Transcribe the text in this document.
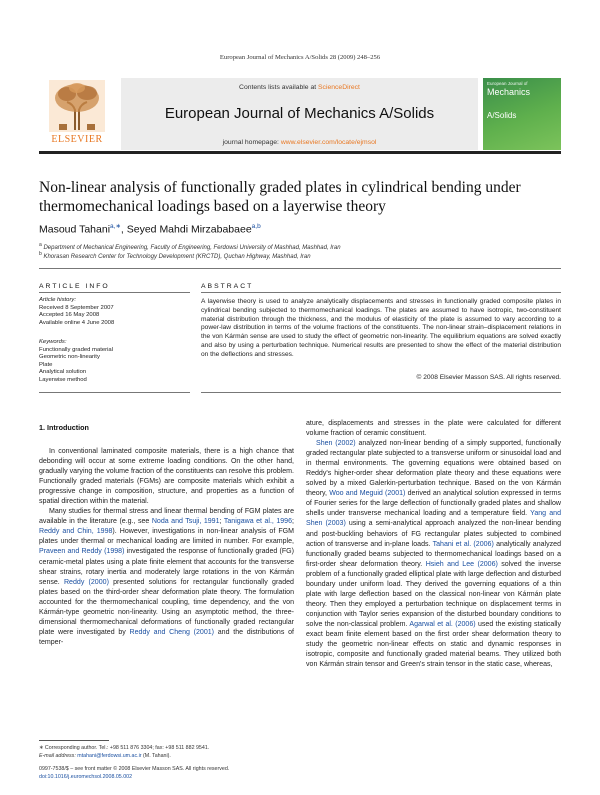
European Journal of Mechanics A/Solids 28 (2009) 248–256
ELSEVIER
Contents lists available at ScienceDirect
European Journal of Mechanics A/Solids
journal homepage: www.elsevier.com/locate/ejmsol
European Journal of
Mechanics
A/Solids
Non-linear analysis of functionally graded plates in cylindrical bending under thermomechanical loadings based on a layerwise theory
Masoud Tahani$^{a,∗}$, Seyed Mahdi Mirzababaee$^{a,b}$
$^a$ Department of Mechanical Engineering, Faculty of Engineering, Ferdowsi University of Mashhad, Mashhad, Iran
$^b$ Khorasan Research Center for Technology Development (KRCTD), Quchan Highway, Mashhad, Iran
ARTICLE INFO	ABSTRACT
Article history:
Received 8 September 2007
Accepted 16 May 2008
Available online 4 June 2008
Keywords:
Functionally graded material
Geometric non-linearity
Plate
Analytical solution
Layerwise method
A layerwise theory is used to analyze analytically displacements and stresses in functionally graded composite plates in cylindrical bending subjected to thermomechanical loadings. The plates are assumed to have isotropic, two-constituent material distribution through the thickness, and the modulus of elasticity of the plate is assumed to vary according to a power-law distribution in terms of the volume fractions of the constituents. The non-linear strain–displacement relations in the von Kármán sense are used to study the effect of geometric non-linearity. The equilibrium equations are solved exactly and also by using a perturbation technique. Numerical results are presented to show the effect of the material distribution on the deflections and stresses.
© 2008 Elsevier Masson SAS. All rights reserved.
1. Introduction

In conventional laminated composite materials, there is a high chance that debonding will occur at some extreme loading conditions. On the other hand, gradually varying the volume fraction of the constituents can resolve this problem. Functionally graded materials (FGMs) are composite materials which exhibit a progressive change in composition, structure, and properties as a function of spatial direction within the material.

Many studies for thermal stress and linear thermal bending of FGM plates are available in the literature (e.g., see Noda and Tsuji, 1991; Tanigawa et al., 1996; Reddy and Chin, 1998). However, investigations in non-linear analysis of FGM plates under thermal or mechanical loading are limited in number. For example, Praveen and Reddy (1998) investigated the response of functionally graded (FG) ceramic-metal plates using a plate finite element that accounts for the transverse shear strains, rotary inertia and moderately large rotations in the von Kármán sense. Reddy (2000) presented solutions for rectangular functionally graded plates based on the third-order shear deformation plate theory. The formulation accounted for the thermomechanical coupling, time dependency, and the von Kármán-type geometric non-linearity. Using an asymptotic method, the three-dimensional thermomechanical deformations of functionally graded rectangular plate were investigated by Reddy and Cheng (2001) and the distributions of temper-

ature, displacements and stresses in the plate were calculated for different volume fraction of ceramic constituent.

Shen (2002) analyzed non-linear bending of a simply supported, functionally graded rectangular plate subjected to a transverse uniform or sinusoidal load and in thermal environments. The governing equations were obtained based on Reddy's higher-order shear deformation plate theory and these equations were solved by a mixed Galerkin-perturbation technique. Based on the von Kármán theory, Woo and Meguid (2001) derived an analytical solution expressed in terms of Fourier series for the large deflection of functionally graded plates and shallow shells under transverse mechanical loading and a temperature field. Yang and Shen (2003) using a semi-analytical approach analyzed the non-linear bending and post-buckling behaviors of FG rectangular plates subjected to combined action of transverse and in-plane loads. Tahani et al. (2006) analytically analyzed functionally graded beams subjected to thermomechanical loadings based on a first-order shear deformation theory. Hsieh and Lee (2006) solved the inverse problem of a functionally graded elliptical plate with large deflection and disturbed boundary under uniform load. They derived the governing equations of a thin plate with large deflection based on the classical non-linear von Kármán plate theory. Then they employed a perturbation technique on displacement terms in conjunction with Taylor series expansion of the disturbed boundary conditions to solve the non-classical problem. Agarwal et al. (2006) used the existing statically exact beam finite element based on the first order shear deformation theory to study the geometric non-linear effects on static and dynamic responses in isotropic, composite and functionally graded material beams. They utilized both von Kármán strain tensor and Green's strain tensor in the static case, whereas,

∗ Corresponding author. Tel.: +98 511 876 3304; fax: +98 511 882 9541.
E-mail address: mtahani@ferdowsi.um.ac.ir (M. Tahani).
0997-7538/$ – see front matter © 2008 Elsevier Masson SAS. All rights reserved.
doi:10.1016/j.euromechsol.2008.05.002
